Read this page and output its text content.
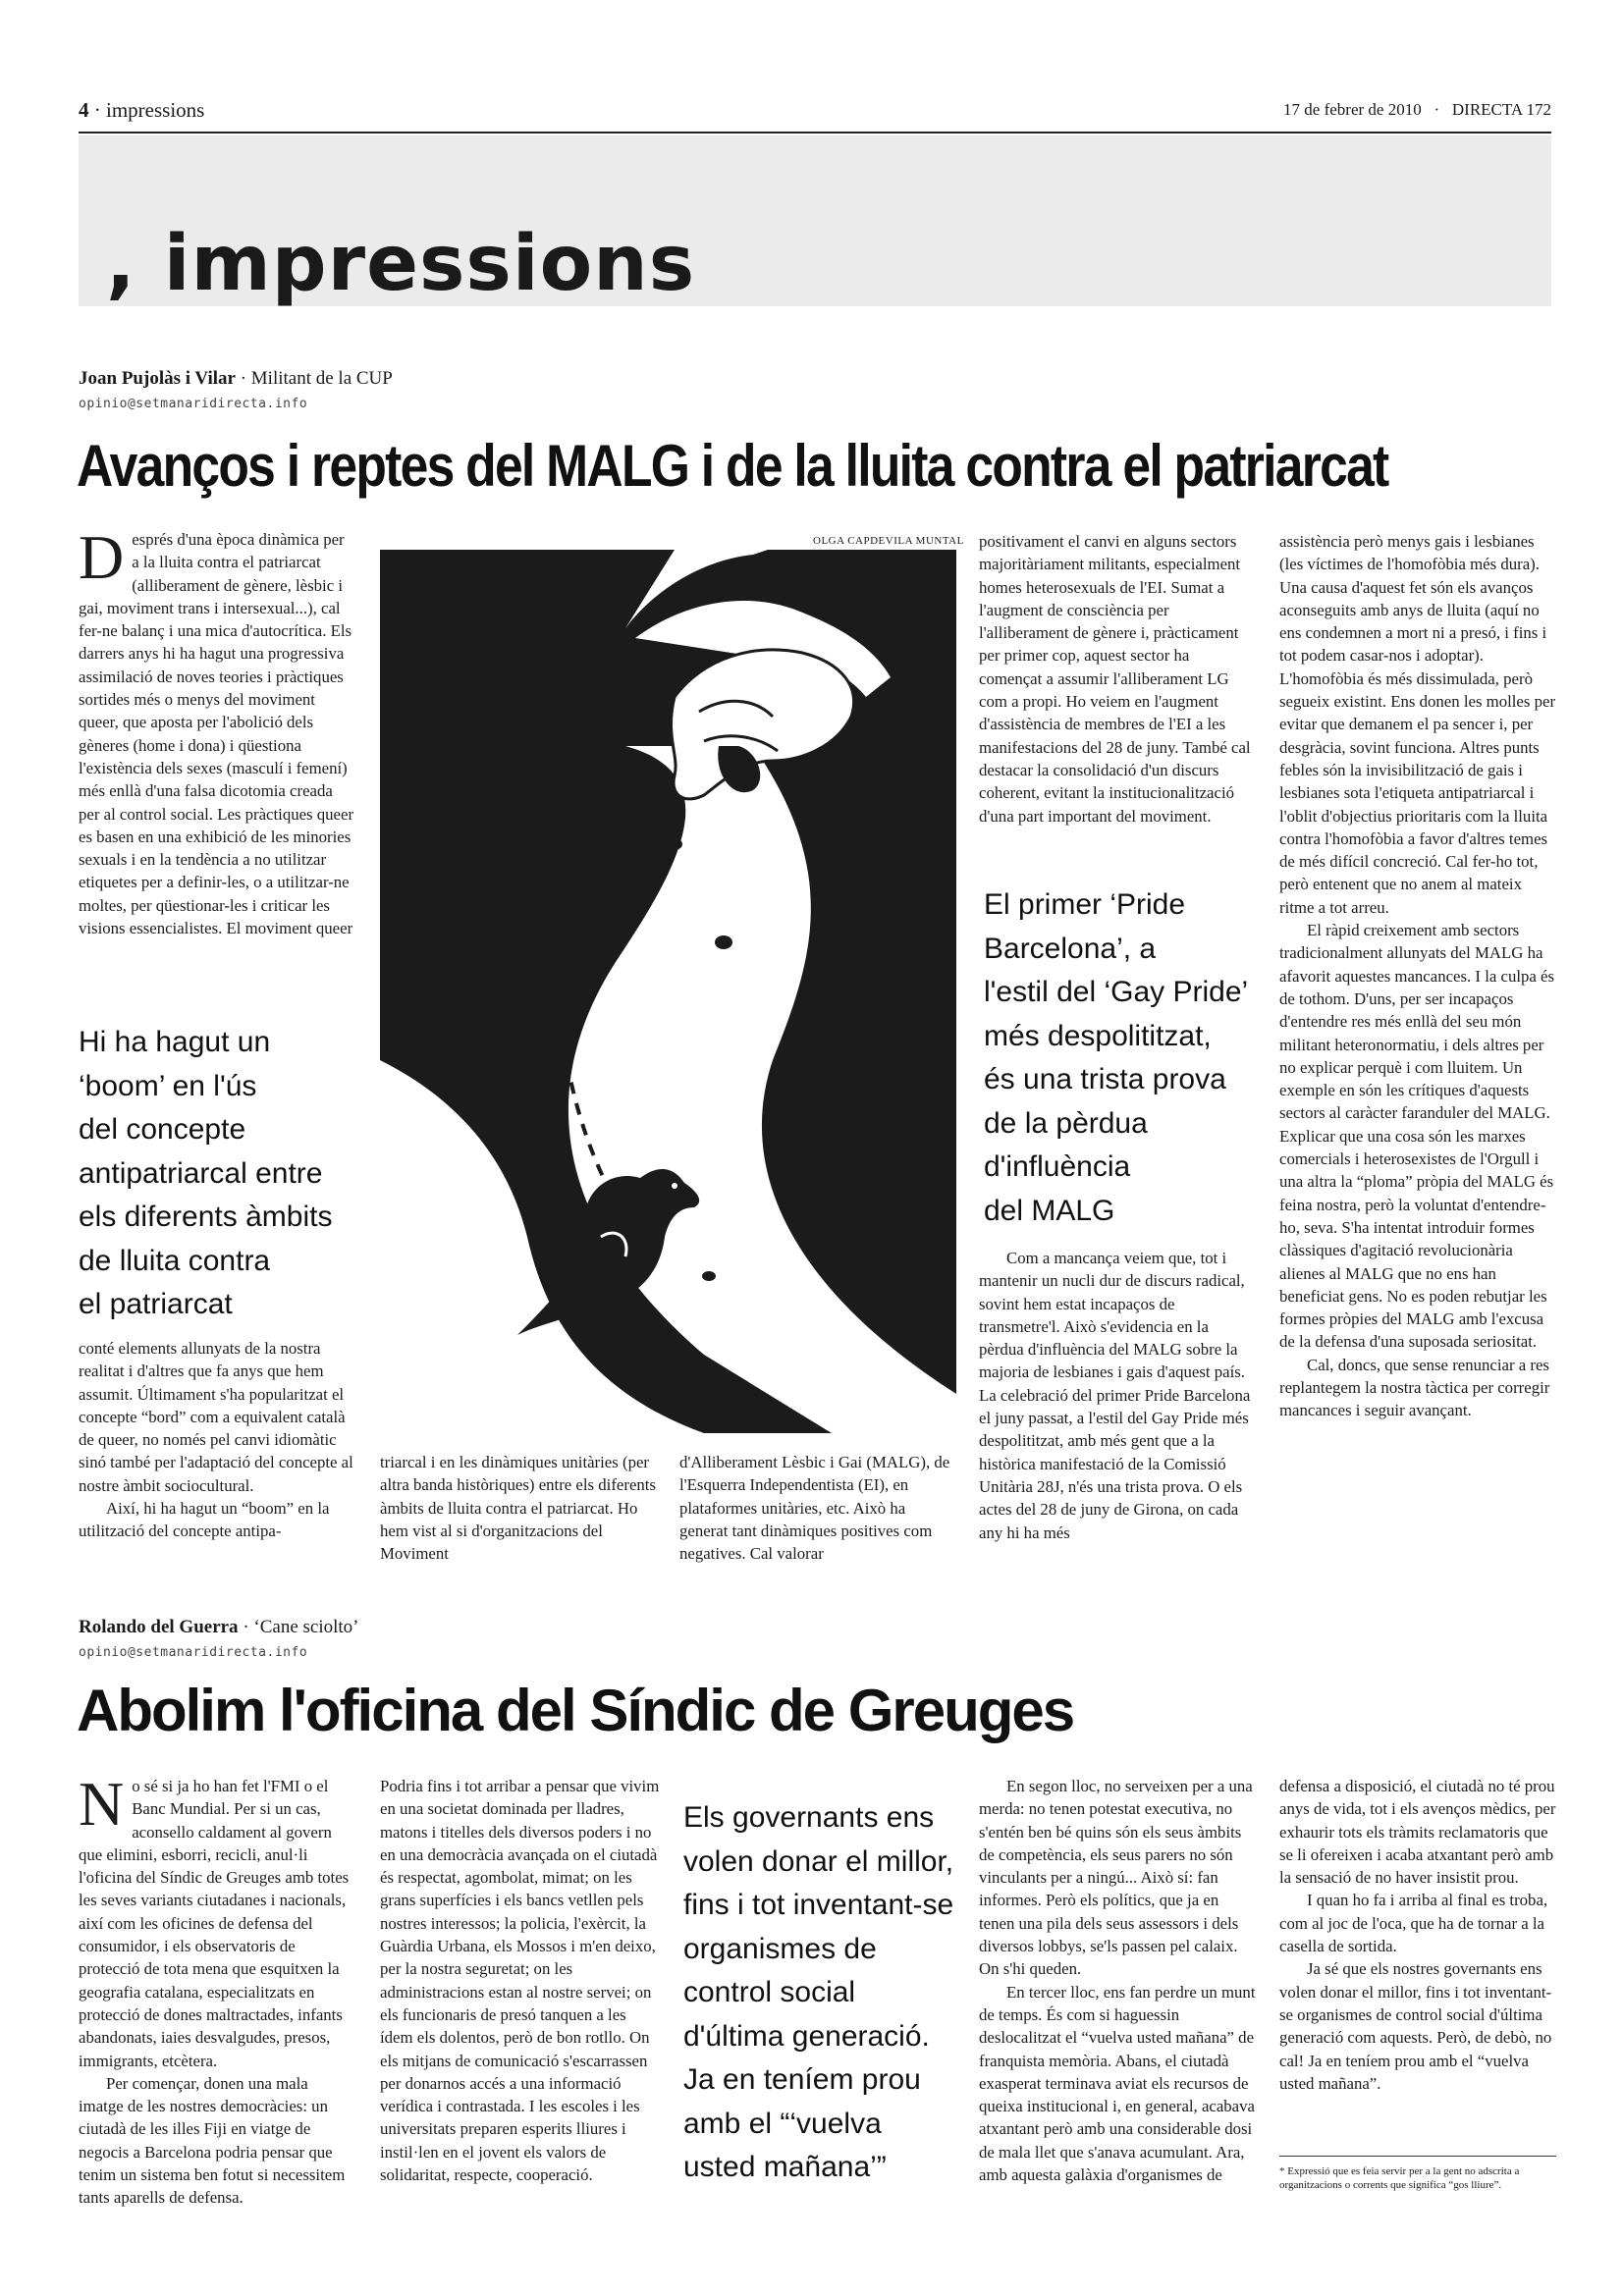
4 · impressions	17 de febrer de 2010 · DIRECTA 172
, impressions
Joan Pujolàs i Vilar · Militant de la CUP
opinio@setmanaridirecta.info
Avanços i reptes del MALG i de la lluita contra el patriarcat

Després d'una època dinàmica per a la lluita contra el patriarcat (alliberament de gènere, lèsbic i gai, moviment trans i intersexual...), cal fer-ne balanç i una mica d'autocrítica. Els darrers anys hi ha hagut una progressiva assimilació de noves teories i pràctiques sortides més o menys del moviment queer, que aposta per l'abolició dels gèneres (home i dona) i qüestiona l'existència dels sexes (masculí i femení) més enllà d'una falsa dicotomia creada per al control social. Les pràctiques queer es basen en una exhibició de les minories sexuals i en la tendència a no utilitzar etiquetes per a definir-les, o a utilitzar-ne moltes, per qüestionar-les i criticar les visions essencialistes. El moviment queer

Hi ha hagut un
‘boom’ en l'ús
del concepte
antipatriarcal entre
els diferents àmbits
de lluita contra
el patriarcat

conté elements allunyats de la nostra realitat i d'altres que fa anys que hem assumit. Últimament s'ha popularitzat el concepte “bord” com a equivalent català de queer, no només pel canvi idiomàtic sinó també per l'adaptació del concepte al nostre àmbit sociocultural.

Així, hi ha hagut un “boom” en la utilització del concepte antipa-

OLGA CAPDEVILA MUNTAL
triarcal i en les dinàmiques unitàries (per altra banda històriques) entre els diferents àmbits de lluita contra el patriarcat. Ho hem vist al si d'organitzacions del Moviment
d'Alliberament Lèsbic i Gai (MALG), de l'Esquerra Independentista (EI), en plataformes unitàries, etc. Això ha generat tant dinàmiques positives com negatives. Cal valorar
positivament el canvi en alguns sectors majoritàriament militants, especialment homes heterosexuals de l'EI. Sumat a l'augment de consciència per l'alliberament de gènere i, pràcticament per primer cop, aquest sector ha començat a assumir l'alliberament LG com a propi. Ho veiem en l'augment d'assistència de membres de l'EI a les manifestacions del 28 de juny. També cal destacar la consolidació d'un discurs coherent, evitant la institucionalització d'una part important del moviment.
El primer ‘Pride
Barcelona’, a
l'estil del ‘Gay Pride’
més despolititzat,
és una trista prova
de la pèrdua
d'influència
del MALG

Com a mancança veiem que, tot i mantenir un nucli dur de discurs radical, sovint hem estat incapaços de transmetre'l. Això s'evidencia en la pèrdua d'influència del MALG sobre la majoria de lesbianes i gais d'aquest país. La celebració del primer Pride Barcelona el juny passat, a l'estil del Gay Pride més despolititzat, amb més gent que a la històrica manifestació de la Comissió Unitària 28J, n'és una trista prova. O els actes del 28 de juny de Girona, on cada any hi ha més

assistència però menys gais i lesbianes (les víctimes de l'homofòbia més dura). Una causa d'aquest fet són els avanços aconseguits amb anys de lluita (aquí no ens condemnen a mort ni a presó, i fins i tot podem casar-nos i adoptar). L'homofòbia és més dissimulada, però segueix existint. Ens donen les molles per evitar que demanem el pa sencer i, per desgràcia, sovint funciona. Altres punts febles són la invisibilització de gais i lesbianes sota l'etiqueta antipatriarcal i l'oblit d'objectius prioritaris com la lluita contra l'homofòbia a favor d'altres temes de més difícil concreció. Cal fer-ho tot, però entenent que no anem al mateix ritme a tot arreu.

El ràpid creixement amb sectors tradicionalment allunyats del MALG ha afavorit aquestes mancances. I la culpa és de tothom. D'uns, per ser incapaços d'entendre res més enllà del seu món militant heteronormatiu, i dels altres per no explicar perquè i com lluitem. Un exemple en són les crítiques d'aquests sectors al caràcter faranduler del MALG. Explicar que una cosa són les marxes comercials i heterosexistes de l'Orgull i una altra la “ploma” pròpia del MALG és feina nostra, però la voluntat d'entendre-ho, seva. S'ha intentat introduir formes clàssiques d'agitació revolucionària alienes al MALG que no ens han beneficiat gens. No es poden rebutjar les formes pròpies del MALG amb l'excusa de la defensa d'una suposada seriositat.

Cal, doncs, que sense renunciar a res replantegem la nostra tàctica per corregir mancances i seguir avançant.

Rolando del Guerra · ‘Cane sciolto’
opinio@setmanaridirecta.info
Abolim l'oficina del Síndic de Greuges

No sé si ja ho han fet l'FMI o el Banc Mundial. Per si un cas, aconsello caldament al govern que elimini, esborri, recicli, anul·li l'oficina del Síndic de Greuges amb totes les seves variants ciutadanes i nacionals, així com les oficines de defensa del consumidor, i els observatoris de protecció de tota mena que esquitxen la geografia catalana, especialitzats en protecció de dones maltractades, infants abandonats, iaies desvalgudes, presos, immigrants, etcètera.

Per començar, donen una mala imatge de les nostres democràcies: un ciutadà de les illes Fiji en viatge de negocis a Barcelona podria pensar que tenim un sistema ben fotut si necessitem tants aparells de defensa.

Podria fins i tot arribar a pensar que vivim en una societat dominada per lladres, matons i titelles dels diversos poders i no en una democràcia avançada on el ciutadà és respectat, agombolat, mimat; on les grans superfícies i els bancs vetllen pels nostres interessos; la policia, l'exèrcit, la Guàrdia Urbana, els Mossos i m'en deixo, per la nostra seguretat; on les administracions estan al nostre servei; on els funcionaris de presó tanquen a les ídem els dolentos, però de bon rotllo. On els mitjans de comunicació s'escarrassen per donarnos accés a una informació verídica i contrastada. I les escoles i les universitats preparen esperits lliures i instil·len en el jovent els valors de solidaritat, respecte, cooperació.
Els governants ens
volen donar el millor,
fins i tot inventant-se
organismes de
control social
d'última generació.
Ja en teníem prou
amb el “‘vuelva
usted mañana’”

En segon lloc, no serveixen per a una merda: no tenen potestat executiva, no s'entén ben bé quins són els seus àmbits de competència, els seus parers no són vinculants per a ningú... Això sí: fan informes. Però els polítics, que ja en tenen una pila dels seus assessors i dels diversos lobbys, se'ls passen pel calaix. On s'hi queden.

En tercer lloc, ens fan perdre un munt de temps. És com si haguessin deslocalitzat el “vuelva usted mañana” de franquista memòria. Abans, el ciutadà exasperat terminava aviat els recursos de queixa institucional i, en general, acabava atxantant però amb una considerable dosi de mala llet que s'anava acumulant. Ara, amb aquesta galàxia d'organismes de

defensa a disposició, el ciutadà no té prou anys de vida, tot i els avenços mèdics, per exhaurir tots els tràmits reclamatoris que se li ofereixen i acaba atxantant però amb la sensació de no haver insistit prou.

I quan ho fa i arriba al final es troba, com al joc de l'oca, que ha de tornar a la casella de sortida.

Ja sé que els nostres governants ens volen donar el millor, fins i tot inventant-se organismes de control social d'última generació com aquests. Però, de debò, no cal! Ja en teníem prou amb el “vuelva usted mañana”.

* Expressió que es feia servir per a la gent no adscrita a organitzacions o corrents que significa “gos lliure”.
